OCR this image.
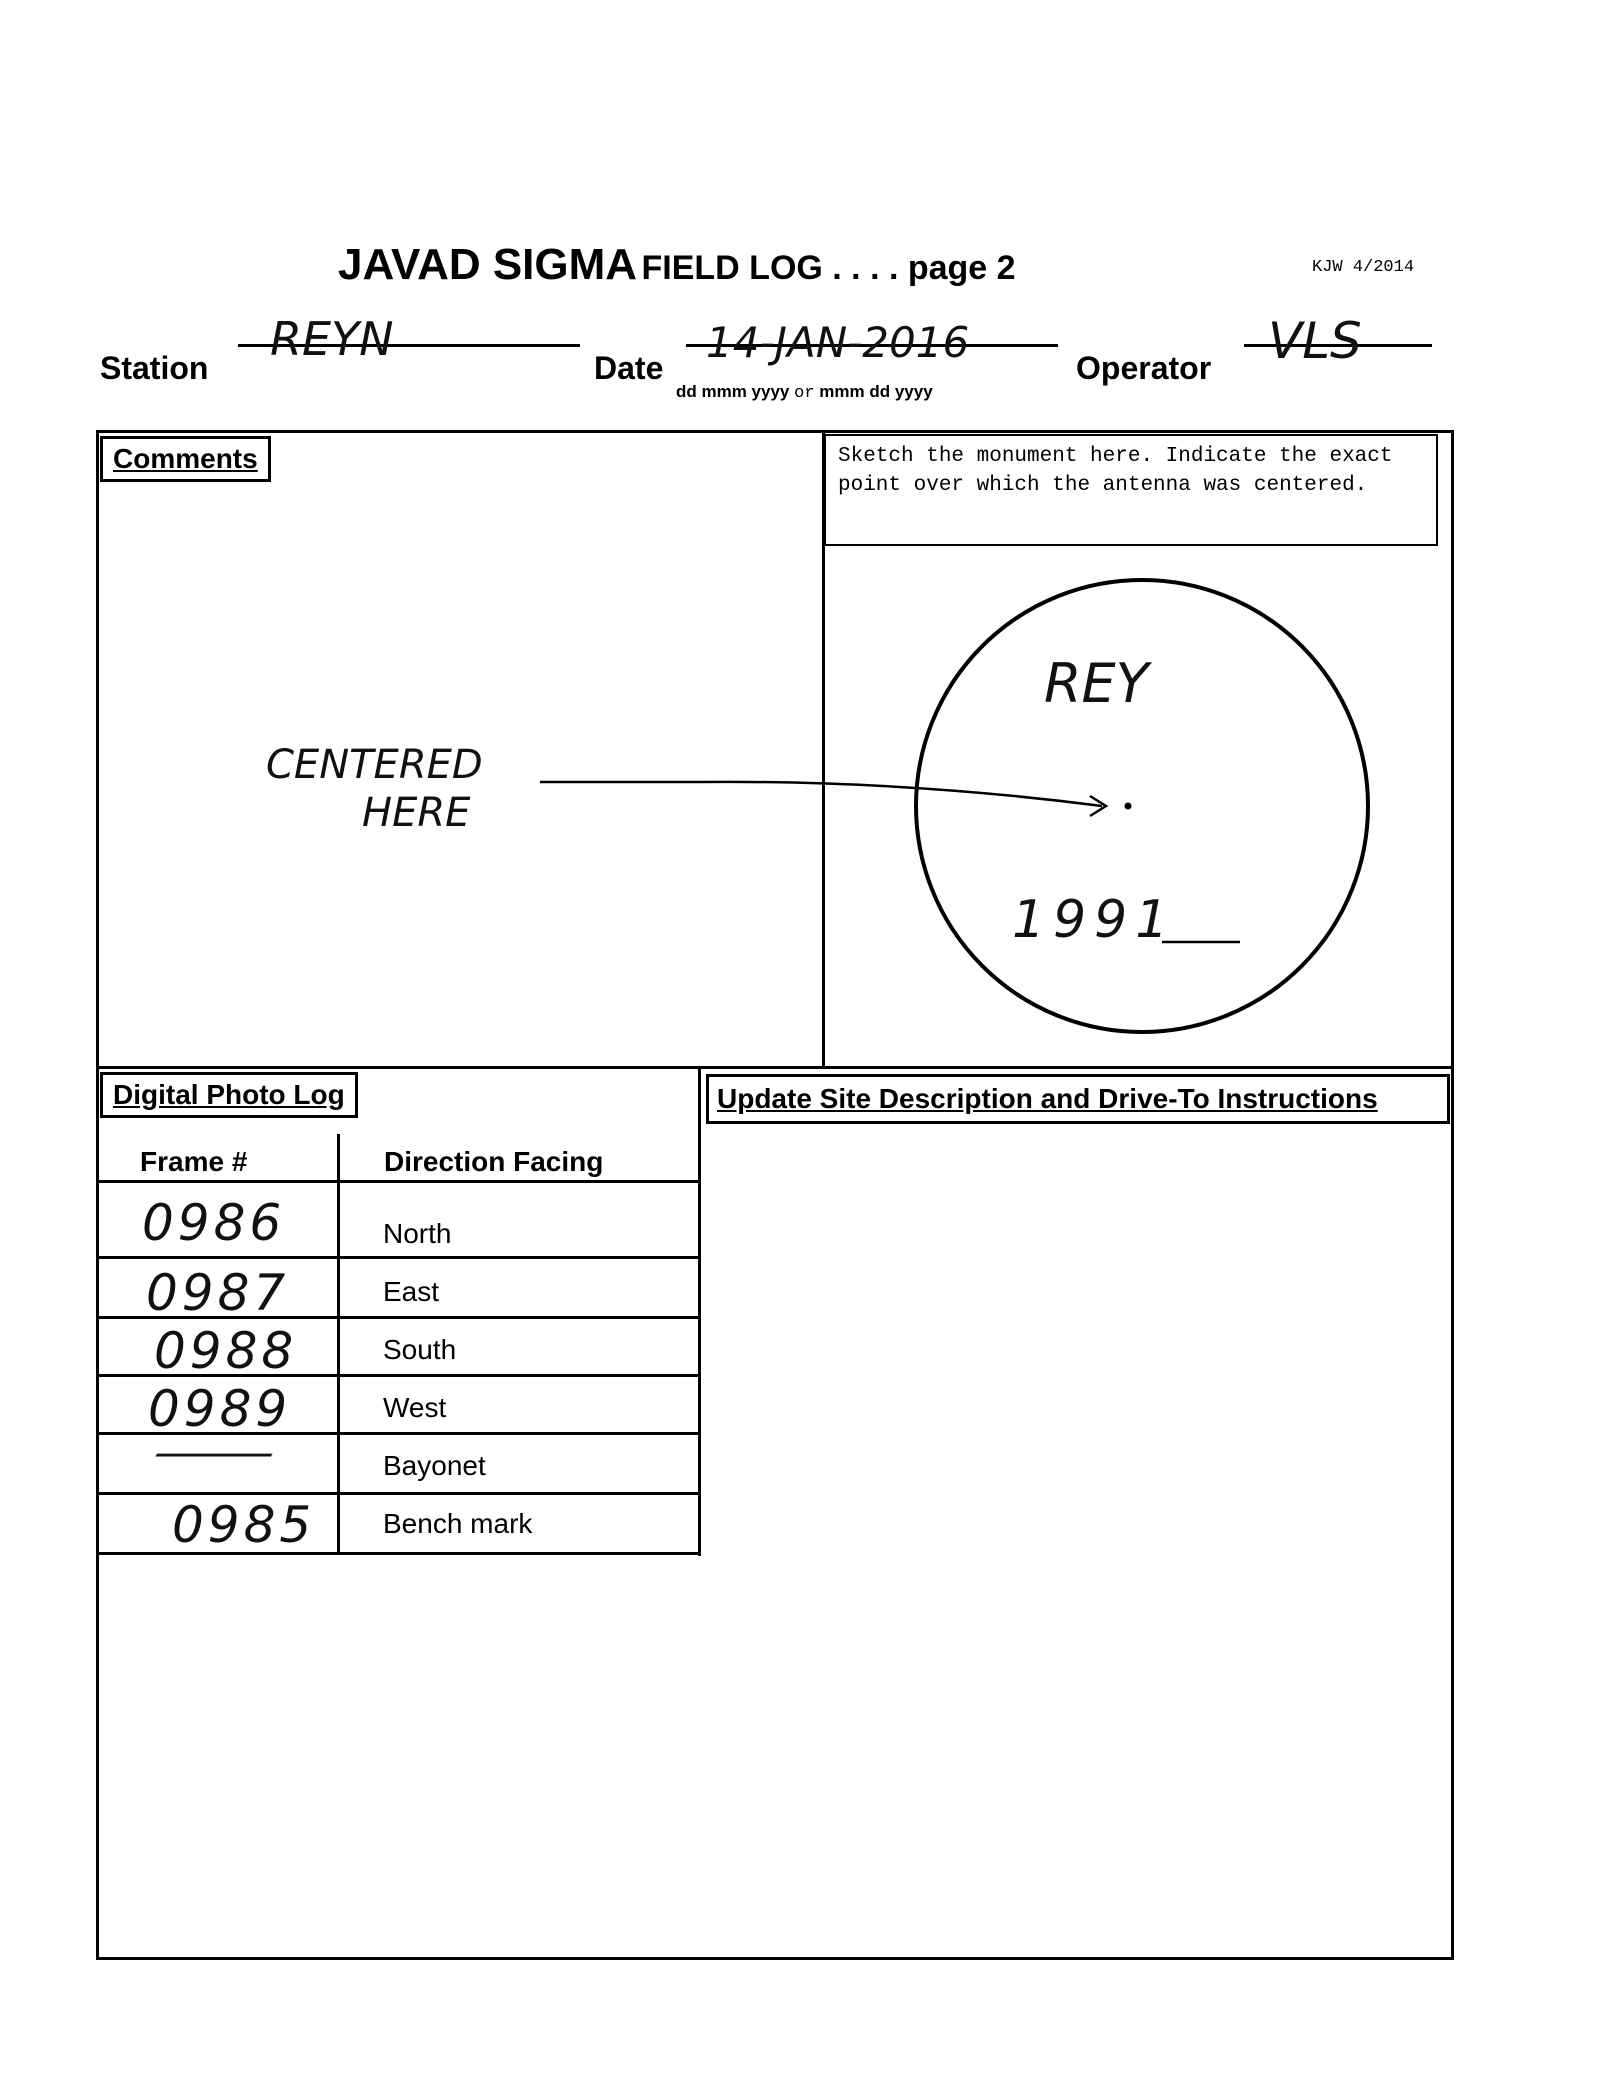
JAVAD SIGMA FIELD LOG . . . . page 2	KJW 4/2014
Station
REYN
Date
14-JAN-2016
dd mmm yyyy or mmm dd yyyy
Operator VLS
Comments
CENTERED
HERE
Sketch the monument here. Indicate the exact point over which the antenna was centered.
REY
1991
Digital Photo Log
Frame #	Direction Facing
0986	North
0987	East
0988	South
0989	West
—	Bayonet
0985 Bench mark
Update Site Description and Drive-To Instructions
